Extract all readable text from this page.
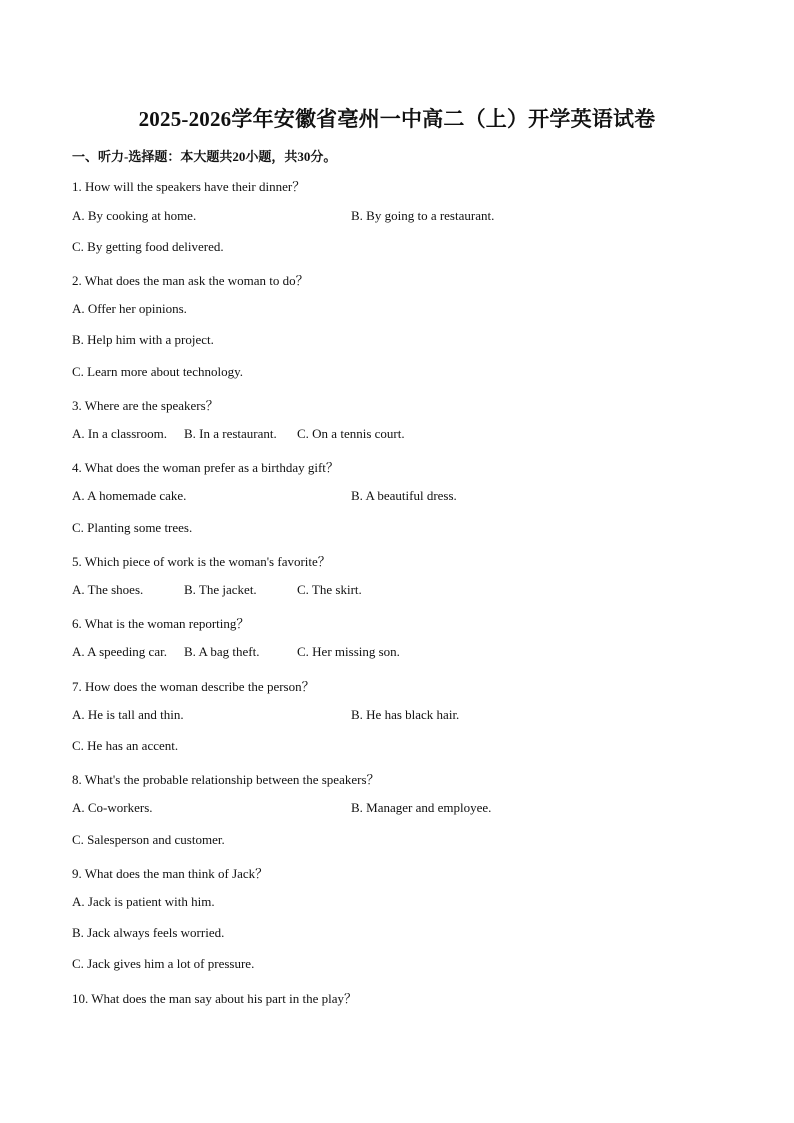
2025-2026学年安徽省亳州一中高二（上）开学英语试卷
一、听力-选择题：本大题共20小题，共30分。
1. How will the speakers have their dinner？
A. By cooking at home.	B. By going to a restaurant.
C. By getting food delivered.
2. What does the man ask the woman to do？
A. Offer her opinions.
B. Help him with a project.
C. Learn more about technology.
3. Where are the speakers？
A. In a classroom. B. In a restaurant. C. On a tennis court.
4. What does the woman prefer as a birthday gift？
A. A homemade cake.	B. A beautiful dress.
C. Planting some trees.
5. Which piece of work is the woman's favorite？
A. The shoes.	B. The jacket.	C. The skirt.
6. What is the woman reporting？
A. A speeding car. B. A bag theft.	C. Her missing son.
7. How does the woman describe the person？
A. He is tall and thin.	B. He has black hair.
C. He has an accent.
8. What's the probable relationship between the speakers？
A. Co-workers.	B. Manager and employee.
C. Salesperson and customer.
9. What does the man think of Jack？
A. Jack is patient with him.
B. Jack always feels worried.
C. Jack gives him a lot of pressure.
10. What does the man say about his part in the play？
